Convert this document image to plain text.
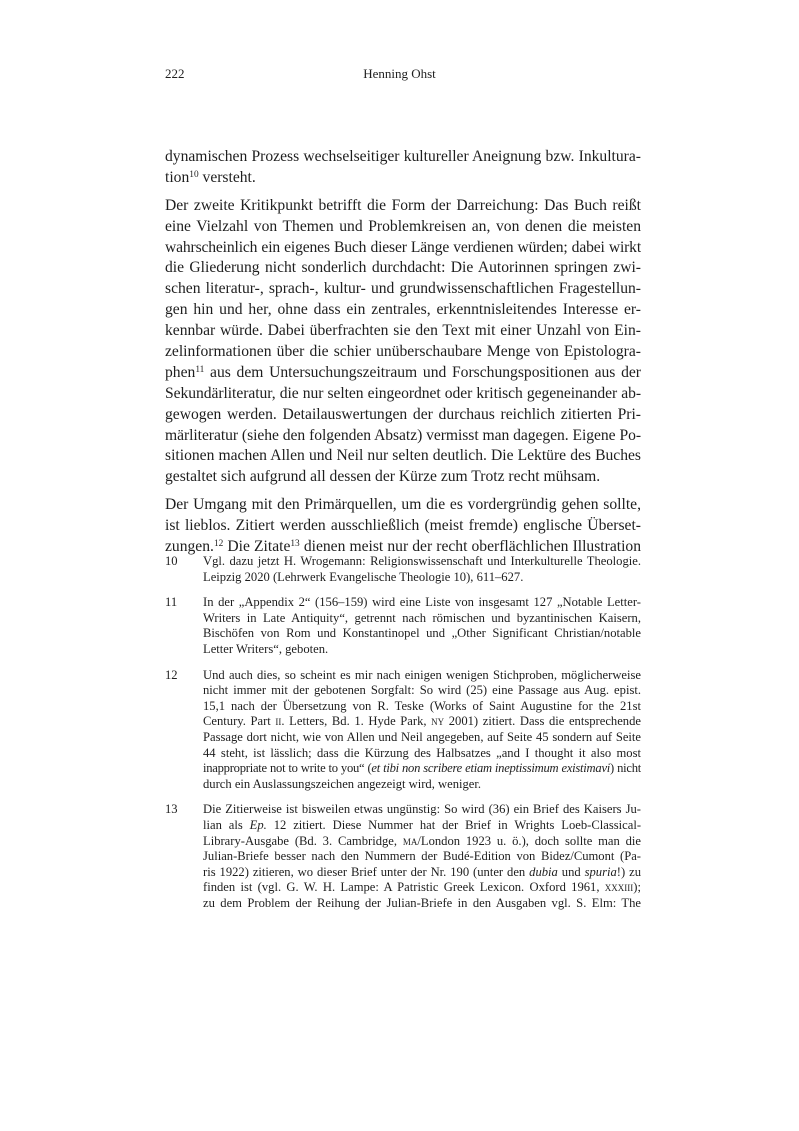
222	Henning Ohst
dynamischen Prozess wechselseitiger kultureller Aneignung bzw. Inkultura-
tion$^{10}$ versteht.
Der zweite Kritikpunkt betrifft die Form der Darreichung: Das Buch reißt
eine Vielzahl von Themen und Problemkreisen an, von denen die meisten
wahrscheinlich ein eigenes Buch dieser Länge verdienen würden; dabei wirkt
die Gliederung nicht sonderlich durchdacht: Die Autorinnen springen zwi-
schen literatur-, sprach-, kultur- und grundwissenschaftlichen Fragestellun-
gen hin und her, ohne dass ein zentrales, erkenntnisleitendes Interesse er-
kennbar würde. Dabei überfrachten sie den Text mit einer Unzahl von Ein-
zelinformationen über die schier unüberschaubare Menge von Epistologra-
phen$^{11}$ aus dem Untersuchungszeitraum und Forschungspositionen aus der
Sekundärliteratur, die nur selten eingeordnet oder kritisch gegeneinander ab-
gewogen werden. Detailauswertungen der durchaus reichlich zitierten Pri-
märliteratur (siehe den folgenden Absatz) vermisst man dagegen. Eigene Po-
sitionen machen Allen und Neil nur selten deutlich. Die Lektüre des Buches
gestaltet sich aufgrund all dessen der Kürze zum Trotz recht mühsam.
Der Umgang mit den Primärquellen, um die es vordergründig gehen sollte,
ist lieblos. Zitiert werden ausschließlich (meist fremde) englische Überset-
zungen.$^{12}$ Die Zitate$^{13}$ dienen meist nur der recht oberflächlichen Illustration
10 Vgl. dazu jetzt H. Wrogemann: Religionswissenschaft und Interkulturelle Theologie.
Leipzig 2020 (Lehrwerk Evangelische Theologie 10), 611–627.
11 In der „Appendix 2“ (156–159) wird eine Liste von insgesamt 127 „Notable Letter-
Writers in Late Antiquity“, getrennt nach römischen und byzantinischen Kaisern,
Bischöfen von Rom und Konstantinopel und „Other Significant Christian/notable
Letter Writers“, geboten.
12 Und auch dies, so scheint es mir nach einigen wenigen Stichproben, möglicherweise
nicht immer mit der gebotenen Sorgfalt: So wird (25) eine Passage aus Aug. epist.
15,1 nach der Übersetzung von R. Teske (Works of Saint Augustine for the 21st
Century. Part ii. Letters, Bd. 1. Hyde Park, ny 2001) zitiert. Dass die entsprechende
Passage dort nicht, wie von Allen und Neil angegeben, auf Seite 45 sondern auf Seite
44 steht, ist lässlich; dass die Kürzung des Halbsatzes „and I thought it also most
inappropriate not to write to you“ (et tibi non scribere etiam ineptissimum existimavi) nicht
durch ein Auslassungszeichen angezeigt wird, weniger.
13 Die Zitierweise ist bisweilen etwas ungünstig: So wird (36) ein Brief des Kaisers Ju-
lian als Ep. 12 zitiert. Diese Nummer hat der Brief in Wrights Loeb-Classical-
Library-Ausgabe (Bd. 3. Cambridge, ma/London 1923 u. ö.), doch sollte man die
Julian-Briefe besser nach den Nummern der Budé-Edition von Bidez/Cumont (Pa-
ris 1922) zitieren, wo dieser Brief unter der Nr. 190 (unter den dubia und spuria!) zu
finden ist (vgl. G. W. H. Lampe: A Patristic Greek Lexicon. Oxford 1961, xxxiii);
zu dem Problem der Reihung der Julian-Briefe in den Ausgaben vgl. S. Elm: The
